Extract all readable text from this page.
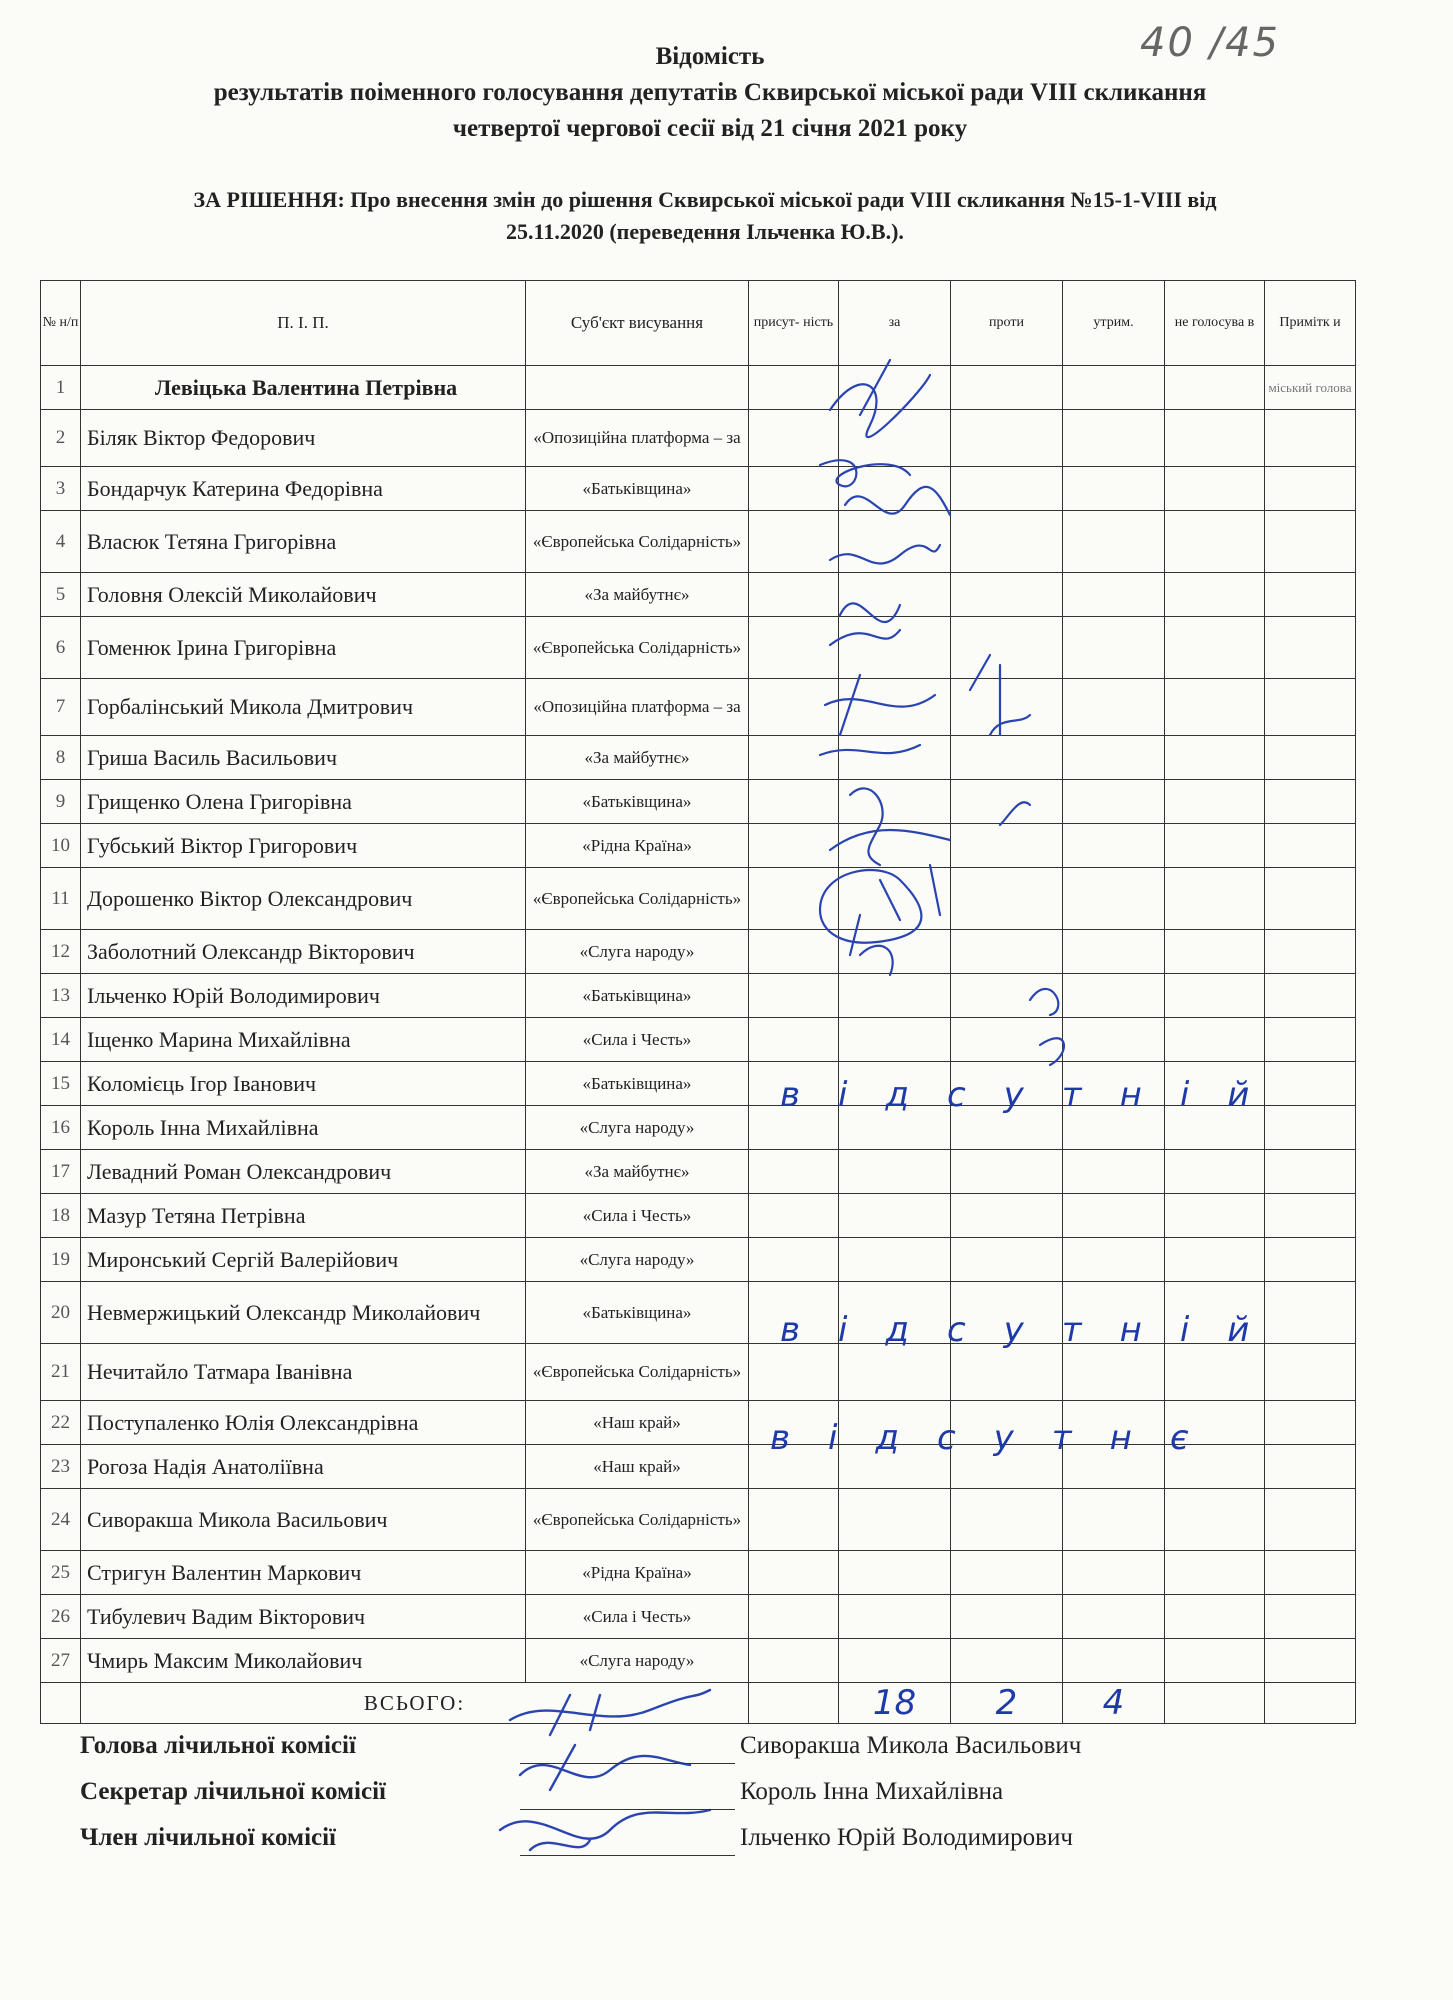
Відомість
результатів поіменного голосування депутатів Сквирської міської ради VIII скликання
четвертої чергової сесії від 21 січня 2021 року
40 /45
ЗА РІШЕННЯ: Про внесення змін до рішення Сквирської міської ради VIII скликання №15-1-VIII від
25.11.2020 (переведення Ільченка Ю.В.).
№ н/п	П. І. П.	Суб'єкт висування	присут- ність	за	проти	утрим.	не голосува в	Примітк и
1	Левіцька Валентина Петрівна							міський голова
2	Біляк Віктор Федорович	«Опозиційна платформа – за						
3	Бондарчук Катерина Федорівна	«Батьківщина»						
4	Власюк Тетяна Григорівна	«Європейська Солідарність»						
5	Головня Олексій Миколайович	«За майбутнє»						
6	Гоменюк Ірина Григорівна	«Європейська Солідарність»						
7	Горбалінський Микола Дмитрович	«Опозиційна платформа – за						
8	Гриша Василь Васильович	«За майбутнє»						
9	Грищенко Олена Григорівна	«Батьківщина»						
10	Губський Віктор Григорович	«Рідна Країна»						
11	Дорошенко Віктор Олександрович	«Європейська Солідарність»						
12	Заболотний Олександр Вікторович	«Слуга народу»						
13	Ільченко Юрій Володимирович	«Батьківщина»						
14	Іщенко Марина Михайлівна	«Сила і Честь»						
15	Коломієць Ігор Іванович	«Батьківщина»						
16	Король Інна Михайлівна	«Слуга народу»						
17	Левадний Роман Олександрович	«За майбутнє»						
18	Мазур Тетяна Петрівна	«Сила і Честь»						
19	Миронський Сергій Валерійович	«Слуга народу»						
20	Невмержицький Олександр Миколайович	«Батьківщина»						
21	Нечитайло Татмара Іванівна	«Європейська Солідарність»						
22	Поступаленко Юлія Олександрівна	«Наш край»						
23	Рогоза Надія Анатоліївна	«Наш край»						
24	Сиворакша Микола Васильович	«Європейська Солідарність»						
25	Стригун Валентин Маркович	«Рідна Країна»						
26	Тибулевич Вадим Вікторович	«Сила і Честь»						
27	Чмирь Максим Миколайович	«Слуга народу»						
	ВСЬОГО:			18	2	4		
відсутній
відсутній
відсутнє
Голова лічильної комісії	Сиворакша Микола Васильович
Секретар лічильної комісії	Король Інна Михайлівна
Член лічильної комісії	Ільченко Юрій Володимирович
